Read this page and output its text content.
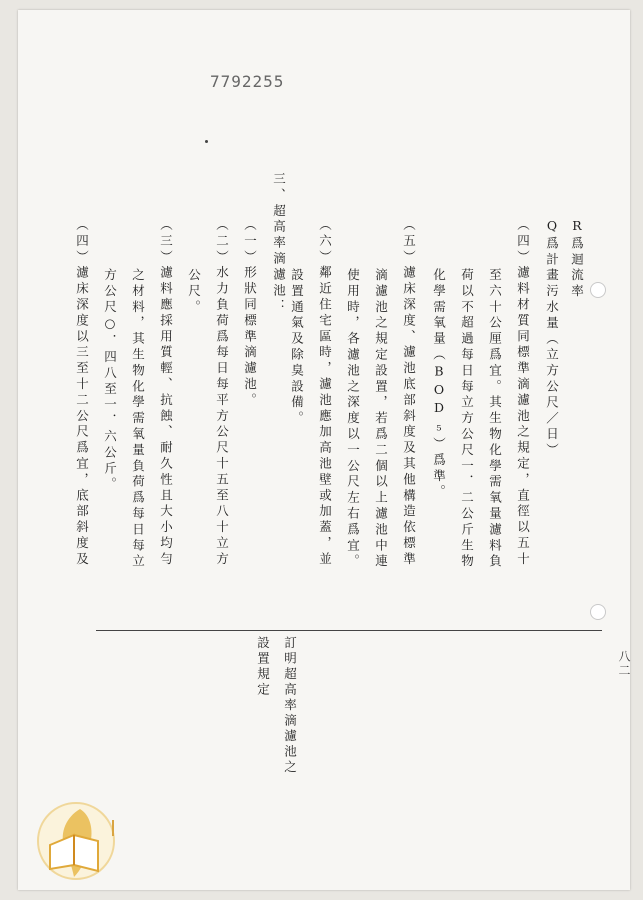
7792255
R爲迴流率
Q爲計畫污水量（立方公尺／日）
（四）濾料材質同標準滴濾池之規定，直徑以五十
至六十公厘爲宜。其生物化學需氧量濾料負
荷以不超過每日每立方公尺一．二公斤生物
化學需氧量（BOD₅）爲準。
（五）濾床深度、濾池底部斜度及其他構造依標準
滴濾池之規定設置，若爲二個以上濾池中連
使用時，各濾池之深度以一公尺左右爲宜。
（六）鄰近住宅區時，濾池應加高池壁或加蓋，並
設置通氣及除臭設備。
三、超高率滴濾池：
（一）形狀同標準滴濾池。
（二）水力負荷爲每日每平方公尺十五至八十立方
公尺。
（三）濾料應採用質輕、抗蝕、耐久性且大小均勻
之材料，其生物化學需氧量負荷爲每日每立
方公尺○．四八至一．六公斤。
（四）濾床深度以三至十二公尺爲宜，底部斜度及
訂明超高率滴濾池之
設置規定	八二
